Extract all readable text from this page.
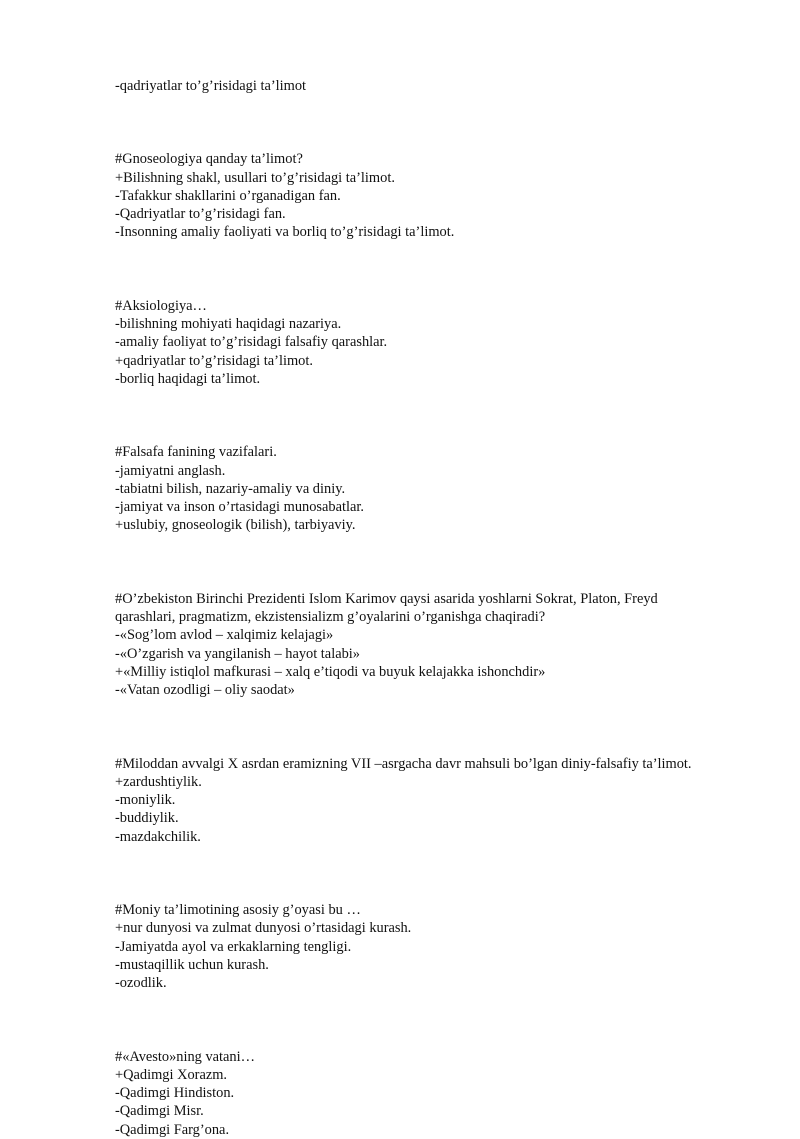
-qadriyatlar to’g’risidagi ta’limot
#Gnoseologiya qanday ta’limot?
+Bilishning shakl, usullari to’g’risidagi ta’limot.
-Tafakkur shakllarini o’rganadigan fan.
-Qadriyatlar to’g’risidagi fan.
-Insonning amaliy faoliyati va borliq to’g’risidagi ta’limot.
#Aksiologiya…
-bilishning mohiyati haqidagi nazariya.
-amaliy faoliyat to’g’risidagi falsafiy qarashlar.
+qadriyatlar to’g’risidagi ta’limot.
-borliq haqidagi ta’limot.
#Falsafa fanining vazifalari.
-jamiyatni anglash.
-tabiatni bilish, nazariy-amaliy va diniy.
-jamiyat va inson o’rtasidagi munosabatlar.
+uslubiy, gnoseologik (bilish), tarbiyaviy.
#O’zbekiston Birinchi Prezidenti Islom Karimov qaysi asarida yoshlarni Sokrat, Platon, Freyd qarashlari, pragmatizm, ekzistensializm g’oyalarini o’rganishga chaqiradi?
-«Sog’lom avlod – xalqimiz kelajagi»
-«O’zgarish va yangilanish – hayot talabi»
+«Milliy istiqlol mafkurasi – xalq e’tiqodi va buyuk kelajakka ishonchdir»
-«Vatan ozodligi – oliy saodat»
#Miloddan avvalgi X asrdan eramizning VII –asrgacha davr mahsuli bo’lgan diniy-falsafiy ta’limot.
+zardushtiylik.
-moniylik.
-buddiylik.
-mazdakchilik.
#Moniy ta’limotining asosiy g’oyasi bu …
+nur dunyosi va zulmat dunyosi o’rtasidagi kurash.
-Jamiyatda ayol va erkaklarning tengligi.
-mustaqillik uchun kurash.
-ozodlik.
#«Avesto»ning vatani…
+Qadimgi Xorazm.
-Qadimgi Hindiston.
-Qadimgi Misr.
-Qadimgi Farg’ona.
